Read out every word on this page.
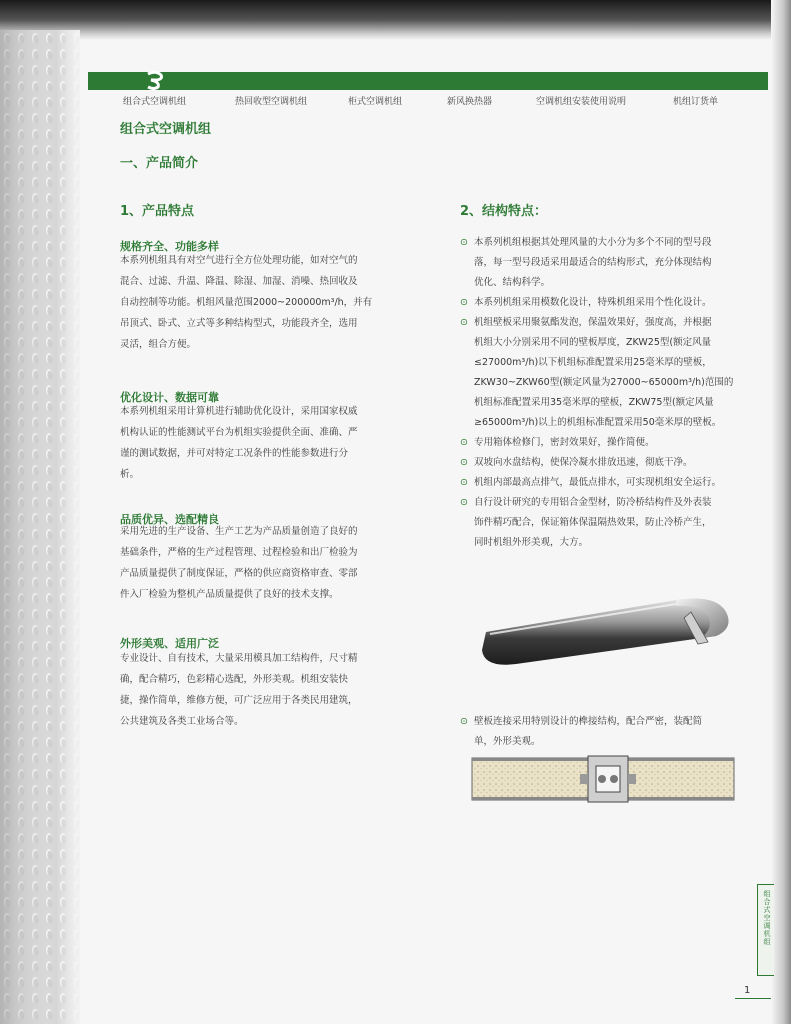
组合式空调机组	热回收型空调机组	柜式空调机组	新风换热器	空调机组安装使用说明	机组订货单
组合式空调机组
一、产品简介
1、产品特点	2、结构特点：
规格齐全、功能多样
本系列机组具有对空气进行全方位处理功能，如对空气的
混合、过滤、升温、降温、除湿、加湿、消噪、热回收及
自动控制等功能。机组风量范围2000~200000m³/h，并有
吊顶式、卧式、立式等多种结构型式，功能段齐全，选用
灵活，组合方便。
优化设计、数据可靠
本系列机组采用计算机进行辅助优化设计，采用国家权威
机构认证的性能测试平台为机组实验提供全面、准确、严
谨的测试数据，并可对特定工况条件的性能参数进行分
析。
品质优异、选配精良
采用先进的生产设备、生产工艺为产品质量创造了良好的
基础条件，严格的生产过程管理、过程检验和出厂检验为
产品质量提供了制度保证，严格的供应商资格审查、零部
件入厂检验为整机产品质量提供了良好的技术支撑。
外形美观、适用广泛
专业设计、自有技术，大量采用模具加工结构件，尺寸精
确，配合精巧，色彩精心选配，外形美观。机组安装快
捷，操作简单，维修方便，可广泛应用于各类民用建筑，
公共建筑及各类工业场合等。
⊙ 本系列机组根据其处理风量的大小分为多个不同的型号段
落，每一型号段适采用最适合的结构形式，充分体现结构
优化、结构科学。
⊙ 本系列机组采用模数化设计，特殊机组采用个性化设计。
⊙ 机组壁板采用聚氨酯发泡，保温效果好，强度高，并根据
机组大小分别采用不同的壁板厚度，ZKW25型(额定风量
≤27000m³/h)以下机组标准配置采用25毫米厚的壁板，
ZKW30~ZKW60型(额定风量为27000~65000m³/h)范围的
机组标准配置采用35毫米厚的壁板，ZKW75型(额定风量
≥65000m³/h)以上的机组标准配置采用50毫米厚的壁板。
⊙ 专用箱体检修门，密封效果好，操作简便。
⊙ 双坡向水盘结构，使保冷凝水排放迅速，彻底干净。
⊙ 机组内部最高点排气，最低点排水，可实现机组安全运行。
⊙ 自行设计研究的专用铝合金型材，防冷桥结构件及外表装
饰件精巧配合，保证箱体保温隔热效果，防止冷桥产生，
同时机组外形美观，大方。
⊙ 壁板连接采用特别设计的榫接结构，配合严密，装配简
单，外形美观。
组合式空调机组
1
